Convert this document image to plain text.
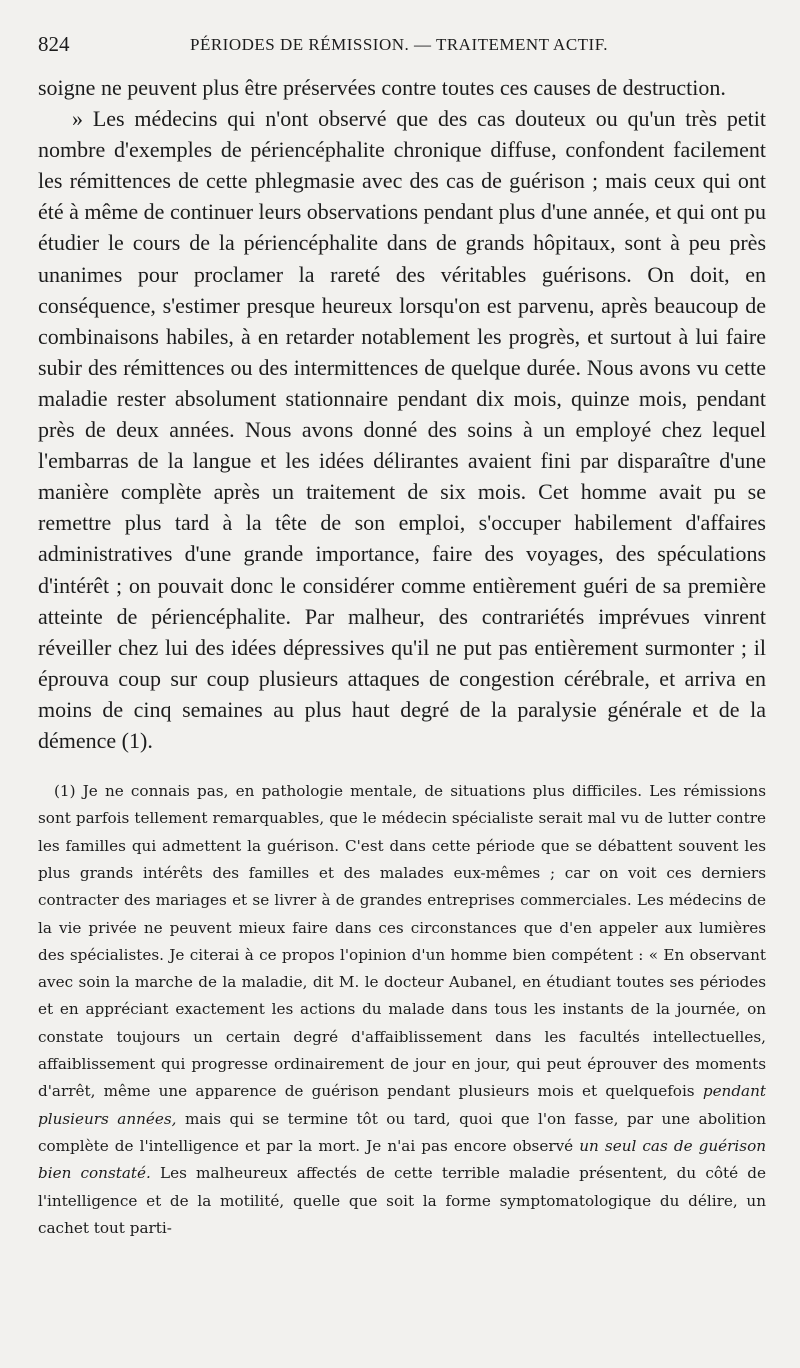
824	PÉRIODES DE RÉMISSION. — TRAITEMENT ACTIF.

soigne ne peuvent plus être préservées contre toutes ces causes de destruction.

» Les médecins qui n'ont observé que des cas douteux ou qu'un très petit nombre d'exemples de périencéphalite chronique diffuse, confondent facilement les rémittences de cette phlegmasie avec des cas de guérison ; mais ceux qui ont été à même de continuer leurs observations pendant plus d'une année, et qui ont pu étudier le cours de la périencéphalite dans de grands hôpitaux, sont à peu près unanimes pour proclamer la rareté des véritables guérisons. On doit, en conséquence, s'estimer presque heureux lorsqu'on est parvenu, après beaucoup de combinaisons habiles, à en retarder notablement les progrès, et surtout à lui faire subir des rémittences ou des intermittences de quelque durée. Nous avons vu cette maladie rester absolument stationnaire pendant dix mois, quinze mois, pendant près de deux années. Nous avons donné des soins à un employé chez lequel l'embarras de la langue et les idées délirantes avaient fini par disparaître d'une manière complète après un traitement de six mois. Cet homme avait pu se remettre plus tard à la tête de son emploi, s'occuper habilement d'affaires administratives d'une grande importance, faire des voyages, des spéculations d'intérêt ; on pouvait donc le considérer comme entièrement guéri de sa première atteinte de périencéphalite. Par malheur, des contrariétés imprévues vinrent réveiller chez lui des idées dépressives qu'il ne put pas entièrement surmonter ; il éprouva coup sur coup plusieurs attaques de congestion cérébrale, et arriva en moins de cinq semaines au plus haut degré de la paralysie générale et de la démence (1).

(1) Je ne connais pas, en pathologie mentale, de situations plus difficiles. Les rémissions sont parfois tellement remarquables, que le médecin spécialiste serait mal vu de lutter contre les familles qui admettent la guérison. C'est dans cette période que se débattent souvent les plus grands intérêts des familles et des malades eux-mêmes ; car on voit ces derniers contracter des mariages et se livrer à de grandes entreprises commerciales. Les médecins de la vie privée ne peuvent mieux faire dans ces circonstances que d'en appeler aux lumières des spécialistes. Je citerai à ce propos l'opinion d'un homme bien compétent : « En observant avec soin la marche de la maladie, dit M. le docteur Aubanel, en étudiant toutes ses périodes et en appréciant exactement les actions du malade dans tous les instants de la journée, on constate toujours un certain degré d'affaiblissement dans les facultés intellectuelles, affaiblissement qui progresse ordinairement de jour en jour, qui peut éprouver des moments d'arrêt, même une apparence de guérison pendant plusieurs mois et quelquefois pendant plusieurs années, mais qui se termine tôt ou tard, quoi que l'on fasse, par une abolition complète de l'intelligence et par la mort. Je n'ai pas encore observé un seul cas de guérison bien constaté. Les malheureux affectés de cette terrible maladie présentent, du côté de l'intelligence et de la motilité, quelle que soit la forme symptomatologique du délire, un cachet tout parti-
